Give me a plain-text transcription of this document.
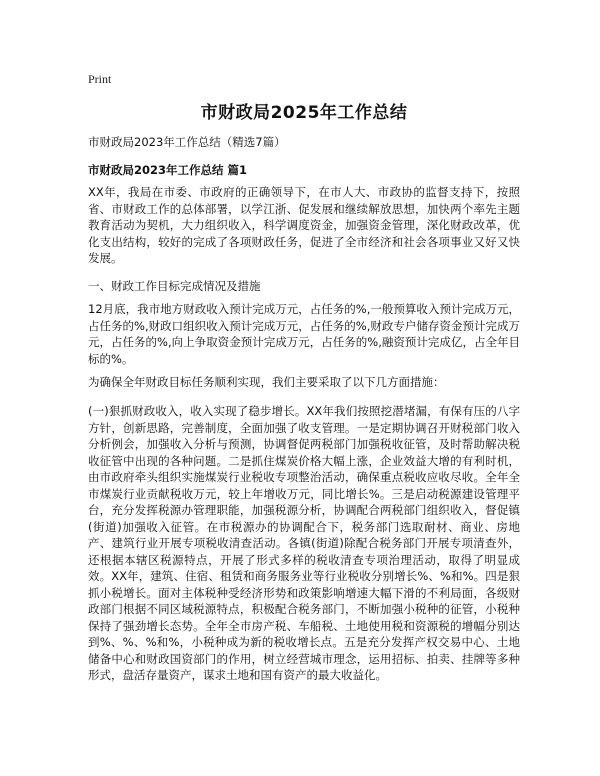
Print
市财政局2025年工作总结
市财政局2023年工作总结（精选7篇）
市财政局2023年工作总结 篇1
XX年，我局在市委、市政府的正确领导下，在市人大、市政协的监督支持下，按照省、市财政工作的总体部署，以学江浙、促发展和继续解放思想，加快两个率先主题教育活动为契机，大力组织收入，科学调度资金，加强资金管理，深化财政改革，优化支出结构，较好的完成了各项财政任务，促进了全市经济和社会各项事业又好又快发展。
一、财政工作目标完成情况及措施
12月底，我市地方财政收入预计完成万元，占任务的%,一般预算收入预计完成万元，占任务的%,财政口组织收入预计完成万元，占任务的%,财政专户储存资金预计完成万元，占任务的%,向上争取资金预计完成万元，占任务的%,融资预计完成亿，占全年目标的%。
为确保全年财政目标任务顺利实现，我们主要采取了以下几方面措施：
(一)狠抓财政收入，收入实现了稳步增长。XX年我们按照挖潜堵漏，有保有压的八字方针，创新思路，完善制度，全面加强了收支管理。一是定期协调召开财税部门收入分析例会，加强收入分析与预测，协调督促两税部门加强税收征管，及时帮助解决税收征管中出现的各种问题。二是抓住煤炭价格大幅上涨，企业效益大增的有利时机，由市政府牵头组织实施煤炭行业税收专项整治活动，确保重点税收应收尽收。全年全市煤炭行业贡献税收万元，较上年增收万元，同比增长%。三是启动税源建设管理平台，充分发挥税源办管理职能，加强税源分析，协调配合两税部门组织收入，督促镇(街道)加强收入征管。在市税源办的协调配合下，税务部门选取耐材、商业、房地产、建筑行业开展专项税收清查活动。各镇(街道)除配合税务部门开展专项清查外，还根据本辖区税源特点，开展了形式多样的税收清查专项治理活动，取得了明显成效。XX年，建筑、住宿、租赁和商务服务业等行业税收分别增长%、%和%。四是狠抓小税增长。面对主体税种受经济形势和政策影响增速大幅下滑的不利局面，各级财政部门根据不同区域税源特点，积极配合税务部门，不断加强小税种的征管，小税种保持了强劲增长态势。全年全市房产税、车船税、土地使用税和资源税的增幅分别达到%、%、%和%，小税种成为新的税收增长点。五是充分发挥产权交易中心、土地储备中心和财政国资部门的作用，树立经营城市理念，运用招标、拍卖、挂牌等多种形式，盘活存量资产，谋求土地和国有资产的最大收益化。
